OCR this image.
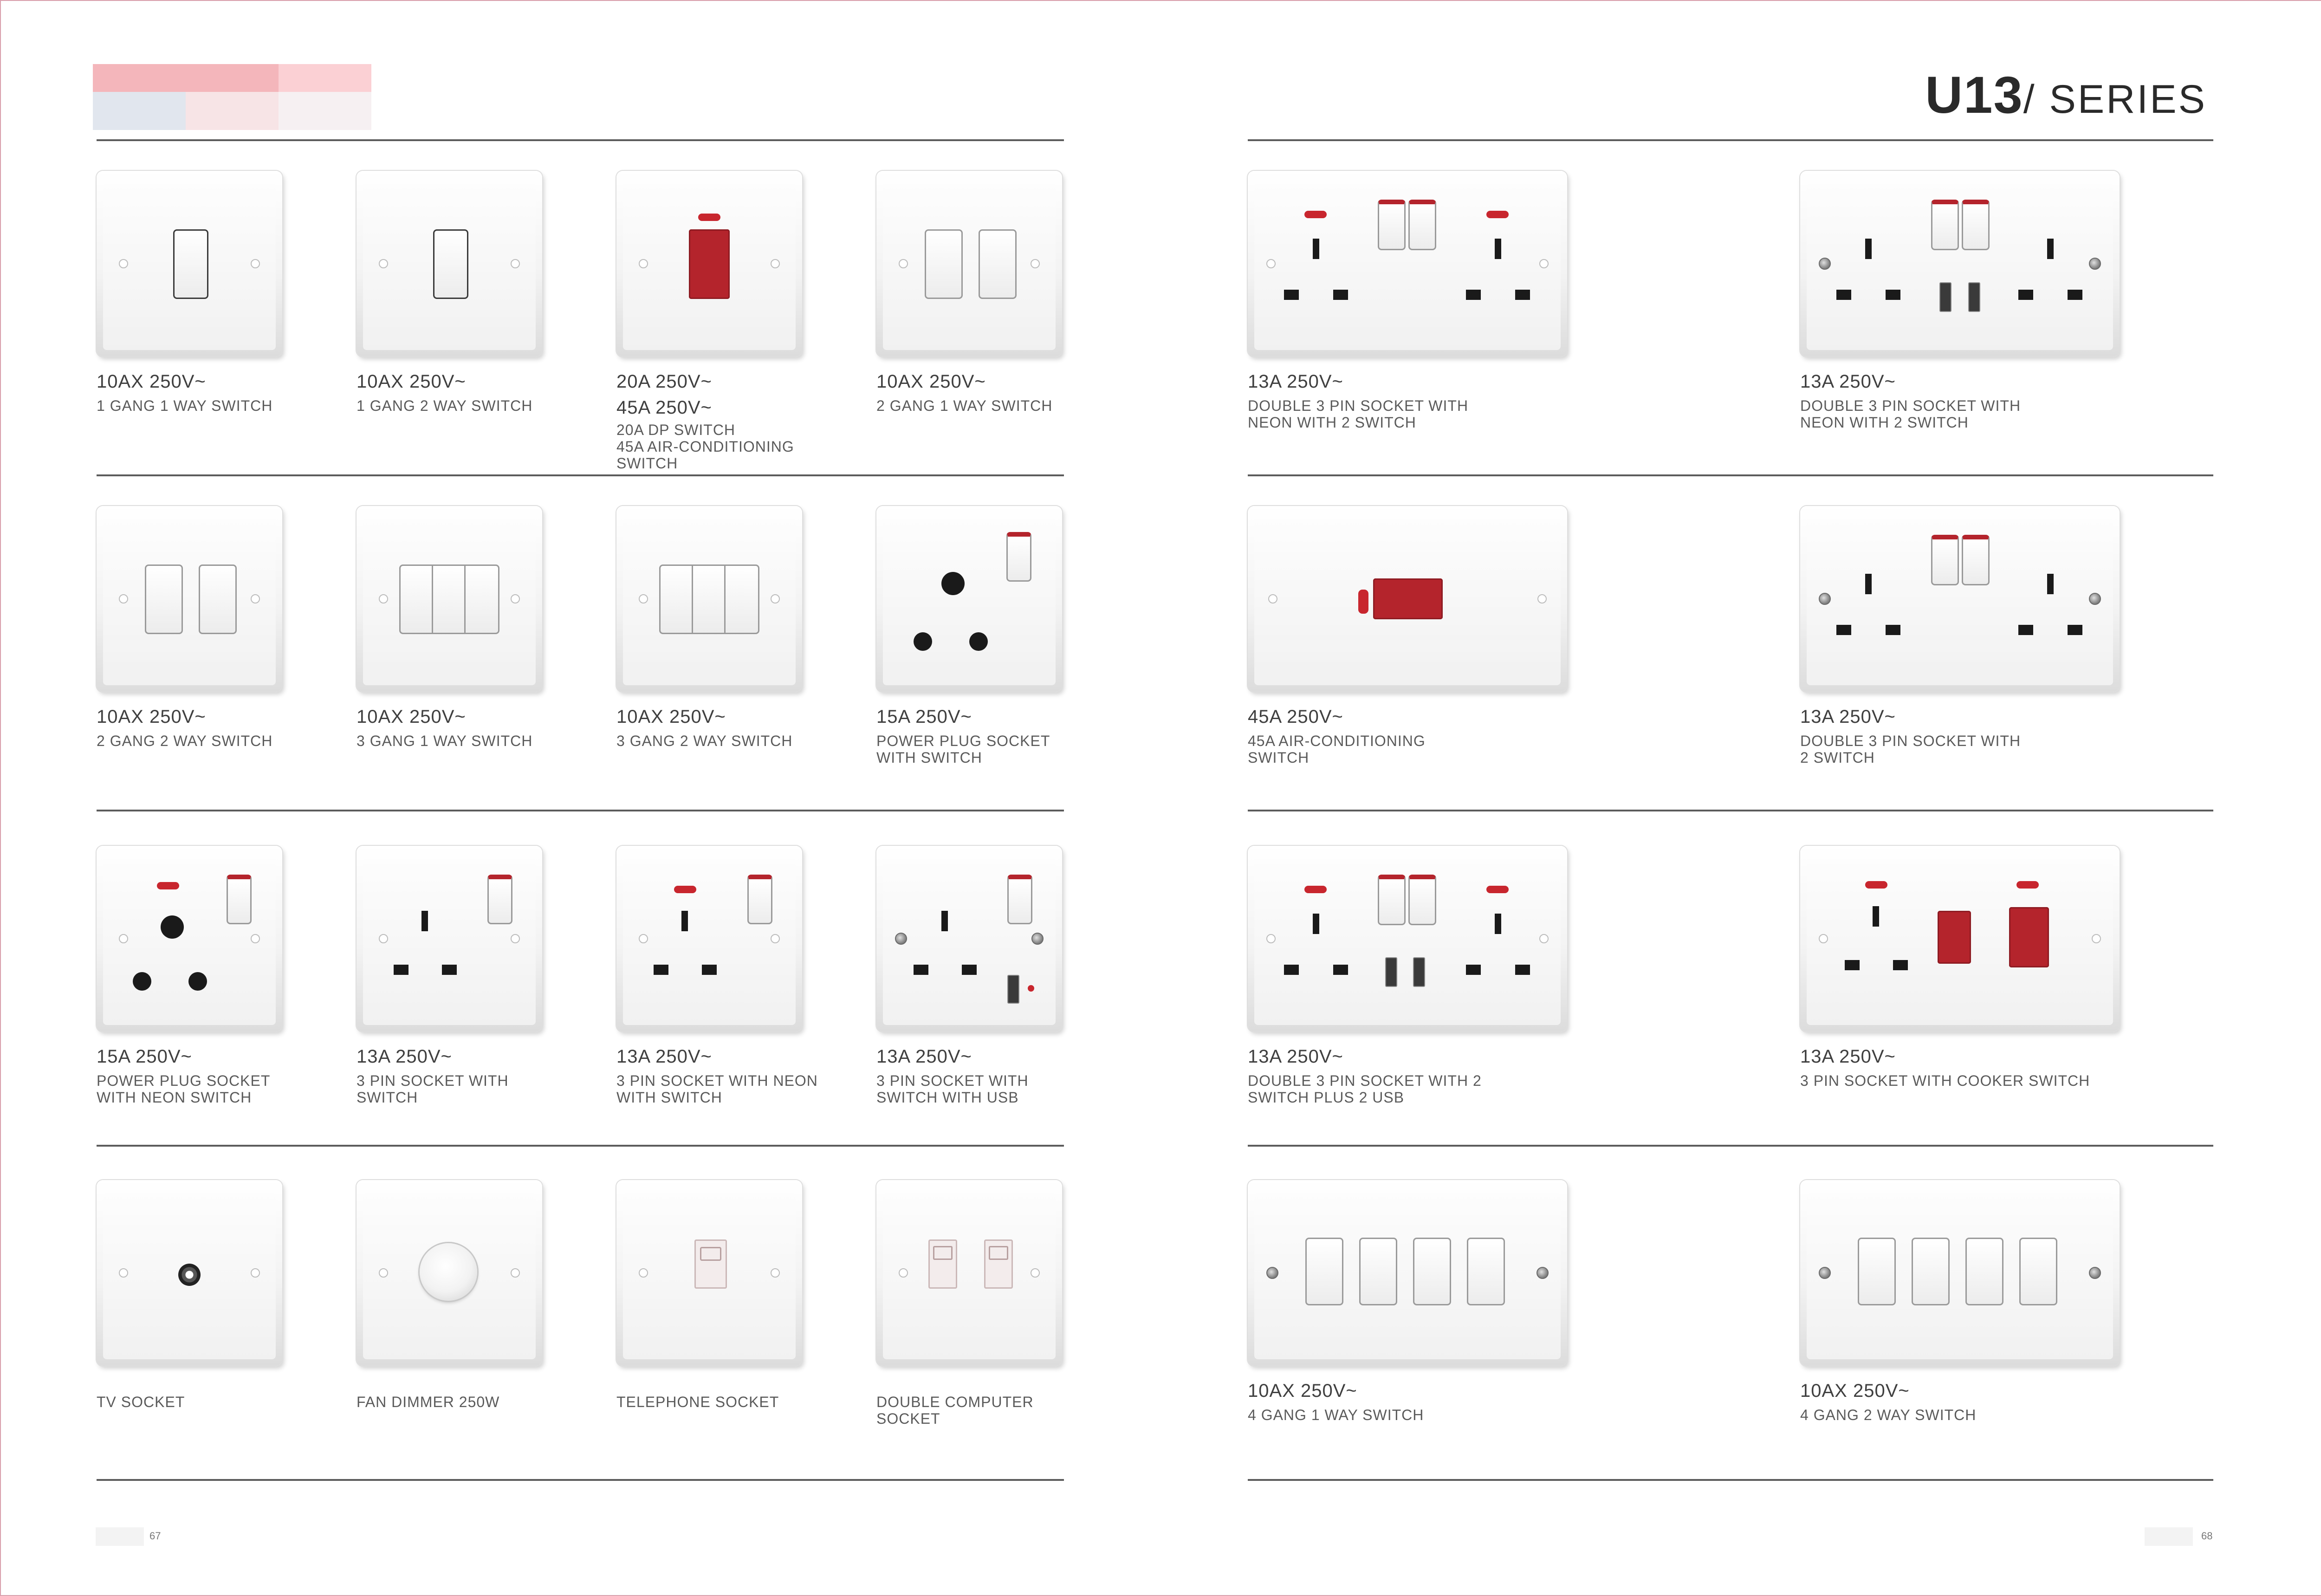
U13/ SERIES
10AX 250V~
1 GANG 1 WAY SWITCH
10AX 250V~
1 GANG 2 WAY SWITCH
20A 250V~
45A 250V~
20A DP SWITCH
45A AIR-CONDITIONING
SWITCH
10AX 250V~
2 GANG 1 WAY SWITCH
13A 250V~
DOUBLE 3 PIN SOCKET WITH
NEON WITH 2 SWITCH
13A 250V~
DOUBLE 3 PIN SOCKET WITH
NEON WITH 2 SWITCH
10AX 250V~
2 GANG 2 WAY SWITCH
10AX 250V~
3 GANG 1 WAY SWITCH
10AX 250V~
3 GANG 2 WAY SWITCH
15A 250V~
POWER PLUG SOCKET
WITH SWITCH
45A 250V~
45A AIR-CONDITIONING
SWITCH
13A 250V~
DOUBLE 3 PIN SOCKET WITH
2 SWITCH
15A 250V~
POWER PLUG SOCKET
WITH NEON SWITCH
13A 250V~
3 PIN SOCKET WITH
SWITCH
13A 250V~
3 PIN SOCKET WITH NEON
WITH SWITCH
13A 250V~
3 PIN SOCKET WITH
SWITCH WITH USB
13A 250V~
DOUBLE 3 PIN SOCKET WITH 2
SWITCH PLUS 2 USB
13A 250V~
3 PIN SOCKET WITH COOKER SWITCH
TV SOCKET	FAN DIMMER 250W	TELEPHONE SOCKET	DOUBLE COMPUTER
SOCKET
10AX 250V~
4 GANG 1 WAY SWITCH
10AX 250V~
4 GANG 2 WAY SWITCH
67	68
